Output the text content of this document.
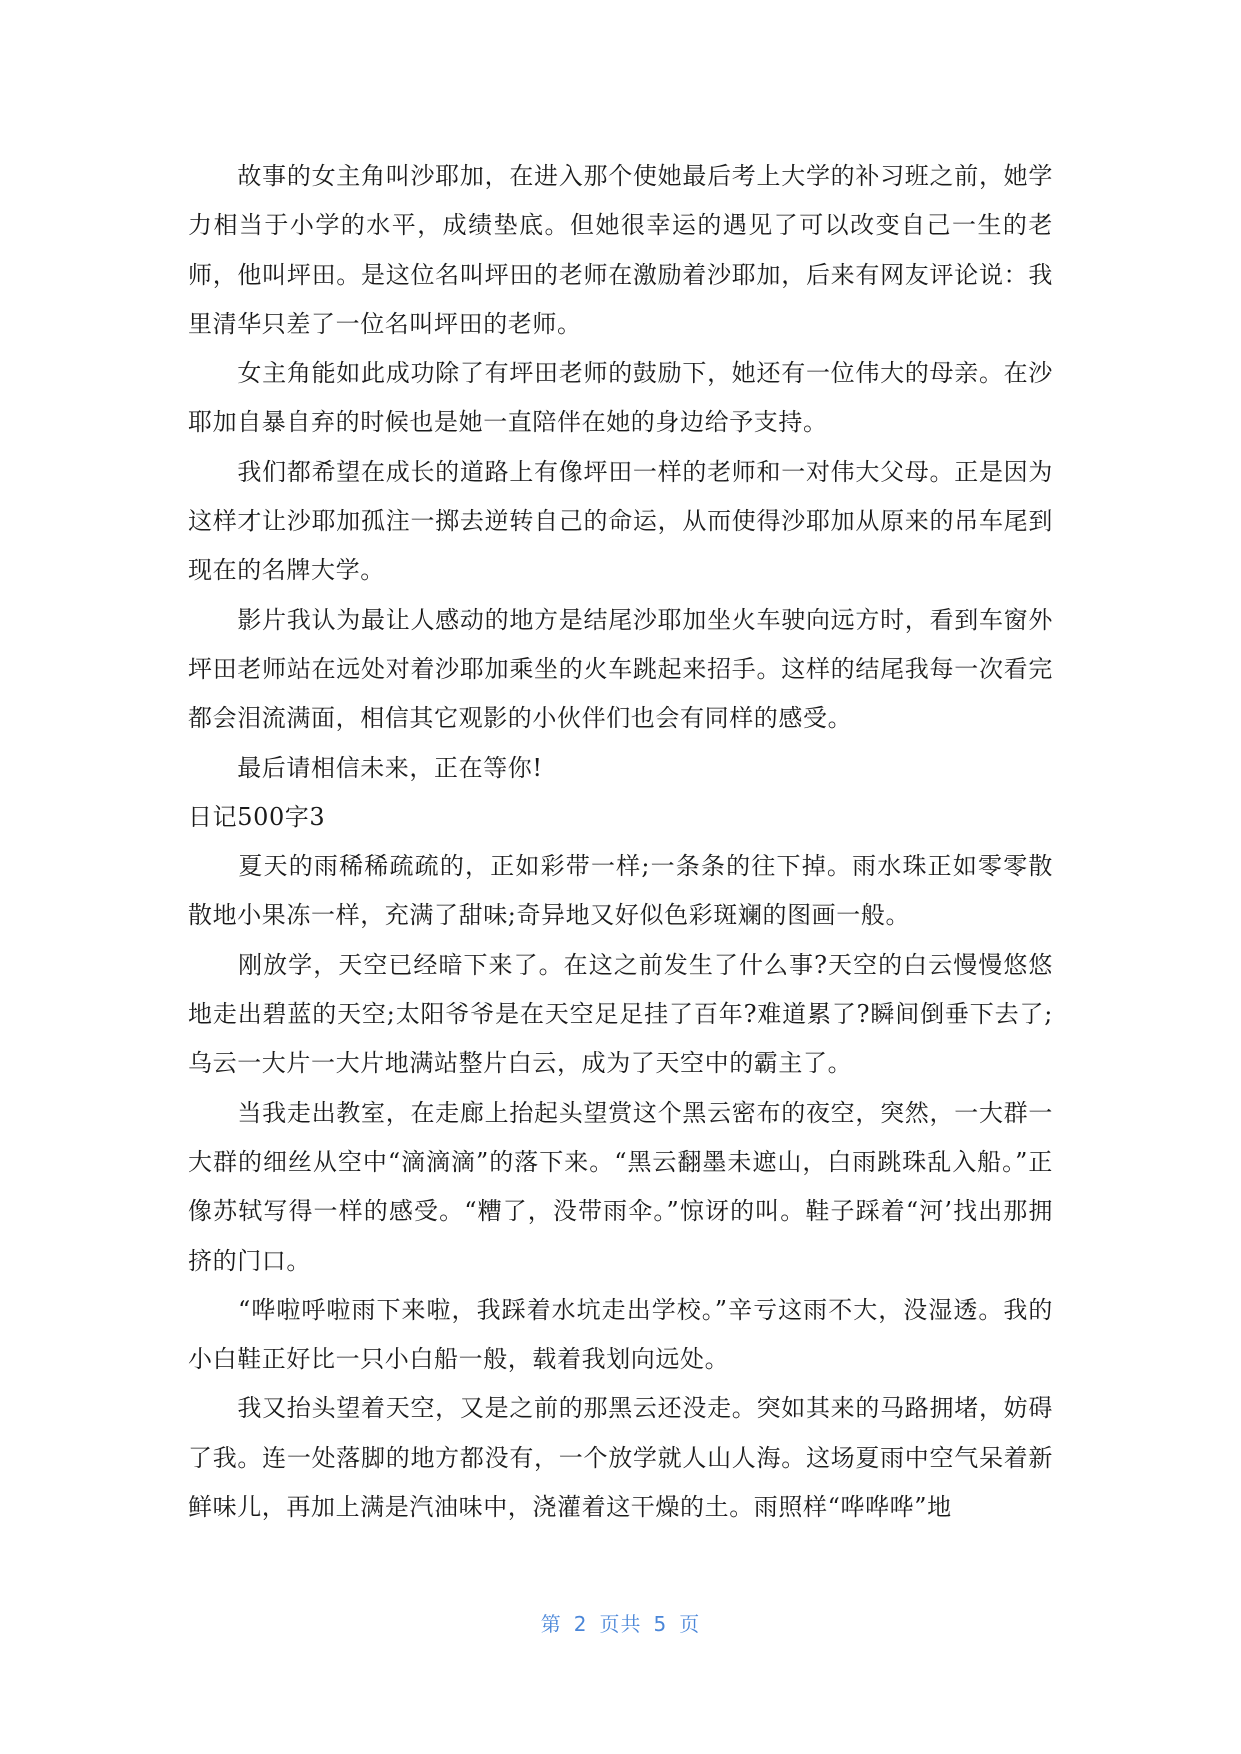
　　故事的女主角叫沙耶加，在进入那个使她最后考上大学的补习班之前，她学力相当于小学的水平，成绩垫底。但她很幸运的遇见了可以改变自己一生的老师，他叫坪田。是这位名叫坪田的老师在激励着沙耶加，后来有网友评论说：我里清华只差了一位名叫坪田的老师。

　　女主角能如此成功除了有坪田老师的鼓励下，她还有一位伟大的母亲。在沙耶加自暴自弃的时候也是她一直陪伴在她的身边给予支持。

　　我们都希望在成长的道路上有像坪田一样的老师和一对伟大父母。正是因为这样才让沙耶加孤注一掷去逆转自己的命运，从而使得沙耶加从原来的吊车尾到现在的名牌大学。

　　影片我认为最让人感动的地方是结尾沙耶加坐火车驶向远方时，看到车窗外坪田老师站在远处对着沙耶加乘坐的火车跳起来招手。这样的结尾我每一次看完都会泪流满面，相信其它观影的小伙伴们也会有同样的感受。

　　最后请相信未来，正在等你!

日记500字3

　　夏天的雨稀稀疏疏的，正如彩带一样;一条条的往下掉。雨水珠正如零零散散地小果冻一样，充满了甜味;奇异地又好似色彩斑斓的图画一般。

　　刚放学，天空已经暗下来了。在这之前发生了什么事?天空的白云慢慢悠悠地走出碧蓝的天空;太阳爷爷是在天空足足挂了百年?难道累了?瞬间倒垂下去了;乌云一大片一大片地满站整片白云，成为了天空中的霸主了。

　　当我走出教室，在走廊上抬起头望赏这个黑云密布的夜空，突然，一大群一大群的细丝从空中“滴滴滴”的落下来。“黑云翻墨未遮山，白雨跳珠乱入船。”正像苏轼写得一样的感受。“糟了，没带雨伞。”惊讶的叫。鞋子踩着“河’找出那拥挤的门口。

　　“哗啦呼啦雨下来啦，我踩着水坑走出学校。”辛亏这雨不大，没湿透。我的小白鞋正好比一只小白船一般，载着我划向远处。

　　我又抬头望着天空，又是之前的那黑云还没走。突如其来的马路拥堵，妨碍了我。连一处落脚的地方都没有，一个放学就人山人海。这场夏雨中空气呆着新鲜味儿，再加上满是汽油味中，浇灌着这干燥的土。雨照样“哗哗哗”地

第 2 页共 5 页
